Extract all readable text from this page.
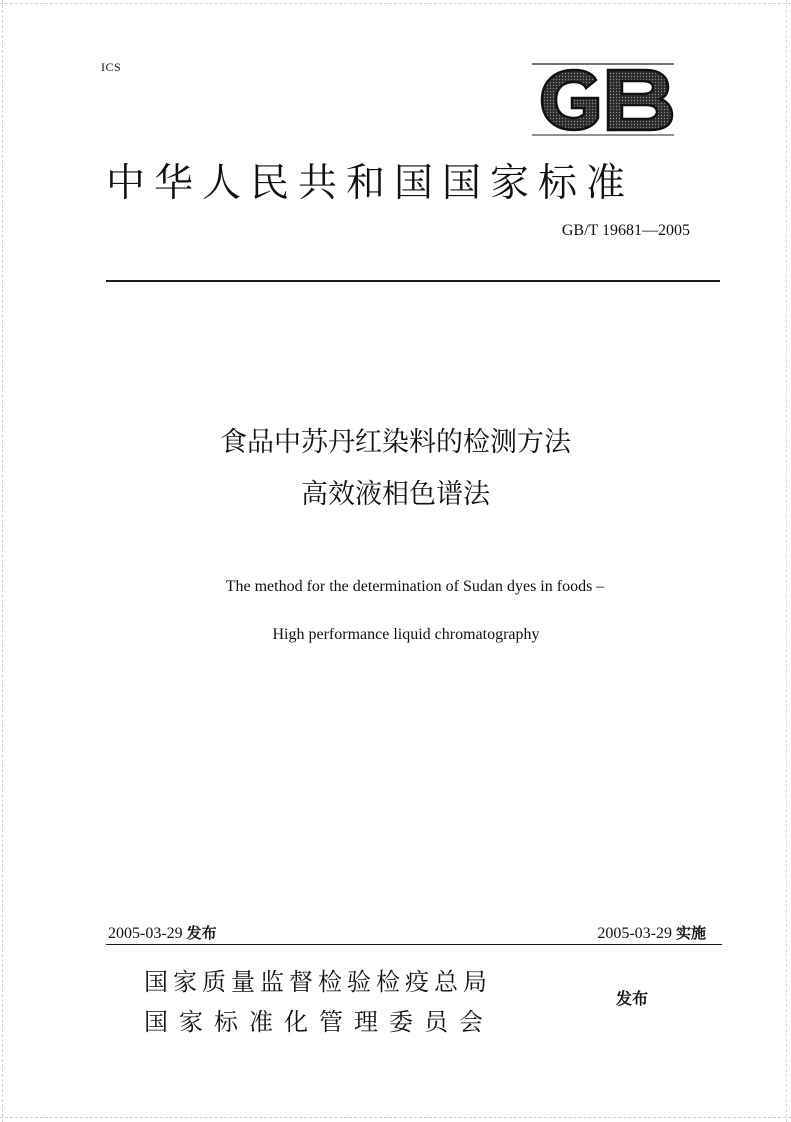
ICS
中华人民共和国国家标准
GB/T 19681—2005
食品中苏丹红染料的检测方法
高效液相色谱法
The method for the determination of Sudan dyes in foods –
High performance liquid chromatography
2005-03-29 发布	2005-03-29 实施
国家质量监督检验检疫总局
国家标准化管理委员会
发布
